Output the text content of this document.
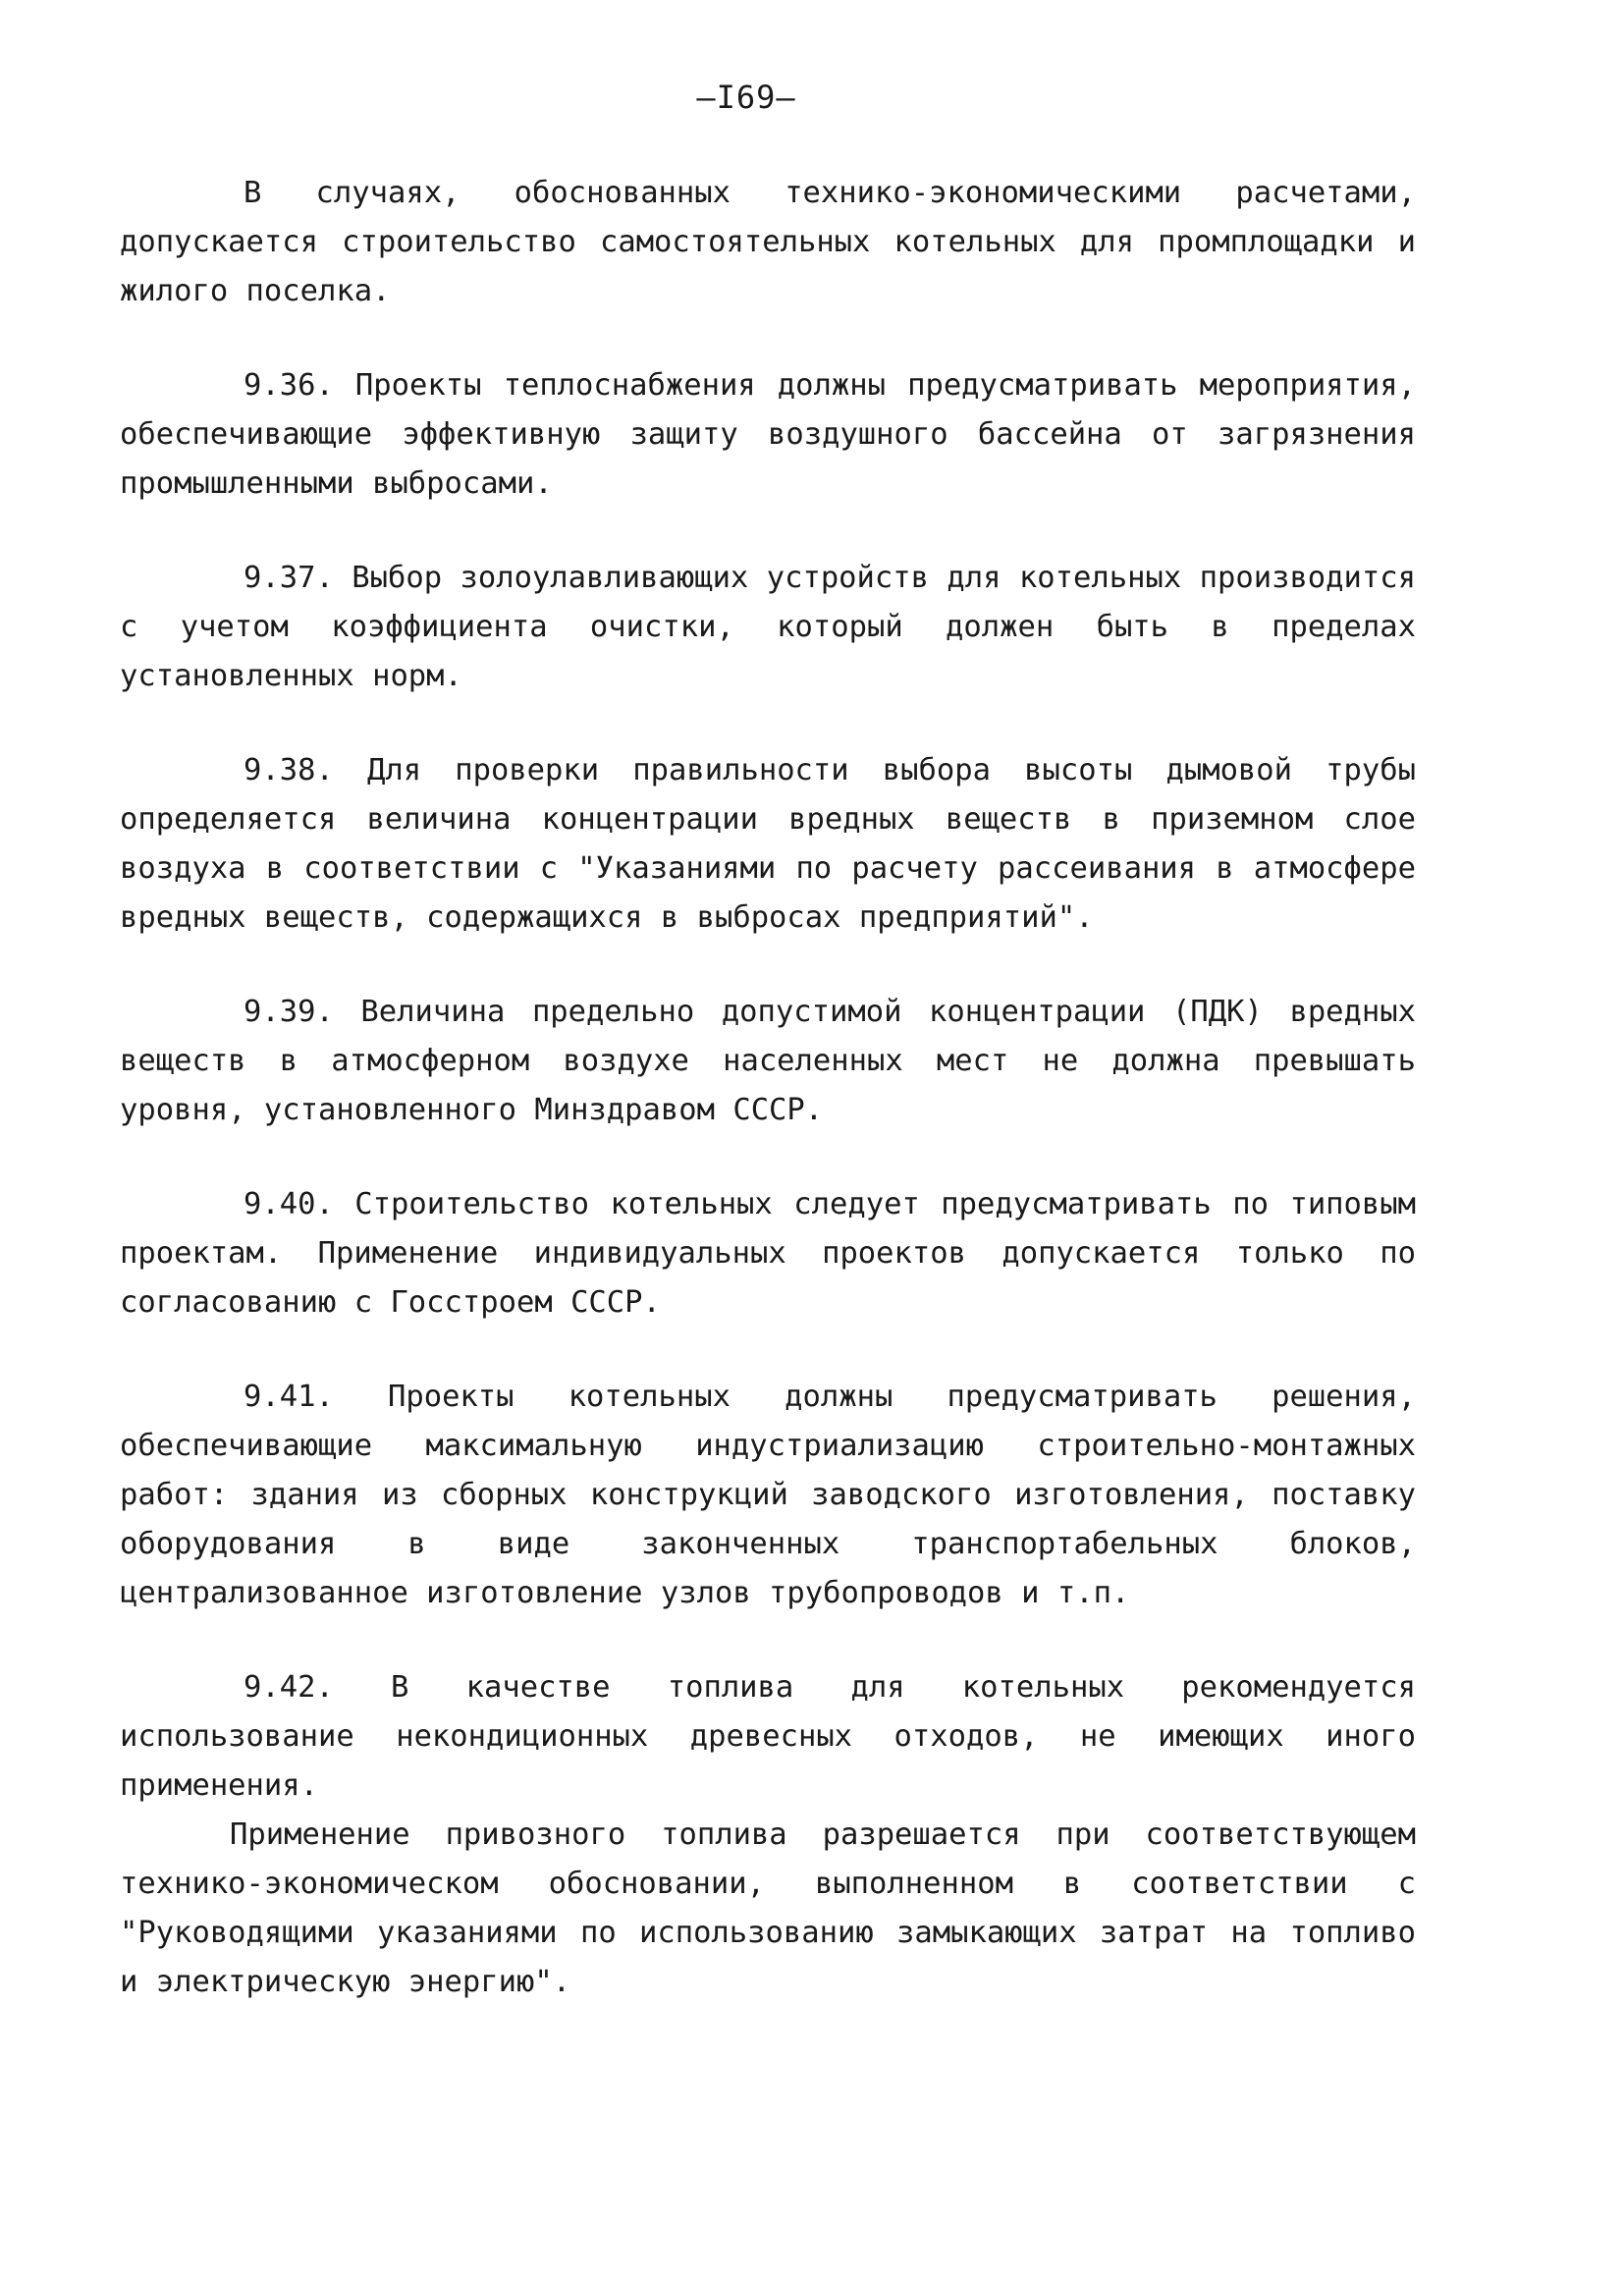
—I69—

В случаях, обоснованных технико-экономическими расчетами, допускается строительство самостоятельных котельных для промплощадки и жилого поселка.

9.36. Проекты теплоснабжения должны предусматривать мероприятия, обеспечивающие эффективную защиту воздушного бассейна от загрязнения промышленными выбросами.

9.37. Выбор золоулавливающих устройств для котельных производится с учетом коэффициента очистки, который должен быть в пределах установленных норм.

9.38. Для проверки правильности выбора высоты дымовой трубы определяется величина концентрации вредных веществ в приземном слое воздуха в соответствии с "Указаниями по расчету рассеивания в атмосфере вредных веществ, содержащихся в выбросах предприятий".

9.39. Величина предельно допустимой концентрации (ПДК) вредных веществ в атмосферном воздухе населенных мест не должна превышать уровня, установленного Минздравом СССР.

9.40. Строительство котельных следует предусматривать по типовым проектам. Применение индивидуальных проектов допускается только по согласованию с Госстроем СССР.

9.41. Проекты котельных должны предусматривать решения, обеспечивающие максимальную индустриализацию строительно-монтажных работ: здания из сборных конструкций заводского изготовления, поставку оборудования в виде законченных транспортабельных блоков, централизованное изготовление узлов трубопроводов и т.п.

9.42. В качестве топлива для котельных рекомендуется использование некондиционных древесных отходов, не имеющих иного применения.

Применение привозного топлива разрешается при соответствующем технико-экономическом обосновании, выполненном в соответствии с "Руководящими указаниями по использованию замыкающих затрат на топливо и электрическую энергию".
